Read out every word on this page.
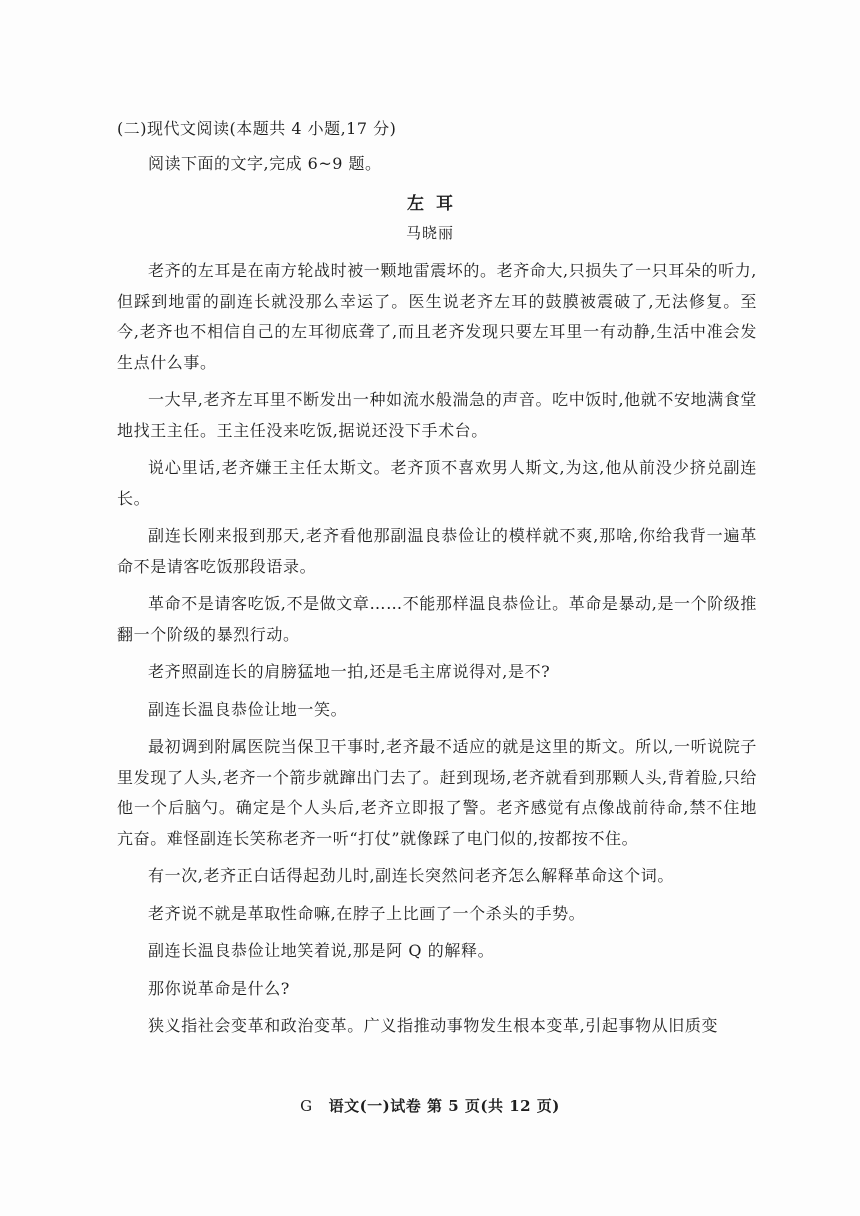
(二)现代文阅读(本题共 4 小题,17 分)
阅读下面的文字,完成 6~9 题。
左耳
马晓丽

老齐的左耳是在南方轮战时被一颗地雷震坏的。老齐命大,只损失了一只耳朵的听力,但踩到地雷的副连长就没那么幸运了。医生说老齐左耳的鼓膜被震破了,无法修复。至今,老齐也不相信自己的左耳彻底聋了,而且老齐发现只要左耳里一有动静,生活中准会发生点什么事。

一大早,老齐左耳里不断发出一种如流水般湍急的声音。吃中饭时,他就不安地满食堂地找王主任。王主任没来吃饭,据说还没下手术台。

说心里话,老齐嫌王主任太斯文。老齐顶不喜欢男人斯文,为这,他从前没少挤兑副连长。

副连长刚来报到那天,老齐看他那副温良恭俭让的模样就不爽,那啥,你给我背一遍革命不是请客吃饭那段语录。

革命不是请客吃饭,不是做文章……不能那样温良恭俭让。革命是暴动,是一个阶级推翻一个阶级的暴烈行动。

老齐照副连长的肩膀猛地一拍,还是毛主席说得对,是不?

副连长温良恭俭让地一笑。

最初调到附属医院当保卫干事时,老齐最不适应的就是这里的斯文。所以,一听说院子里发现了人头,老齐一个箭步就蹿出门去了。赶到现场,老齐就看到那颗人头,背着脸,只给他一个后脑勺。确定是个人头后,老齐立即报了警。老齐感觉有点像战前待命,禁不住地亢奋。难怪副连长笑称老齐一听“打仗”就像踩了电门似的,按都按不住。

有一次,老齐正白话得起劲儿时,副连长突然问老齐怎么解释革命这个词。

老齐说不就是革取性命嘛,在脖子上比画了一个杀头的手势。

副连长温良恭俭让地笑着说,那是阿 Q 的解释。

那你说革命是什么?

狭义指社会变革和政治变革。广义指推动事物发生根本变革,引起事物从旧质变

G 语文(一)试卷 第 5 页(共 12 页)
